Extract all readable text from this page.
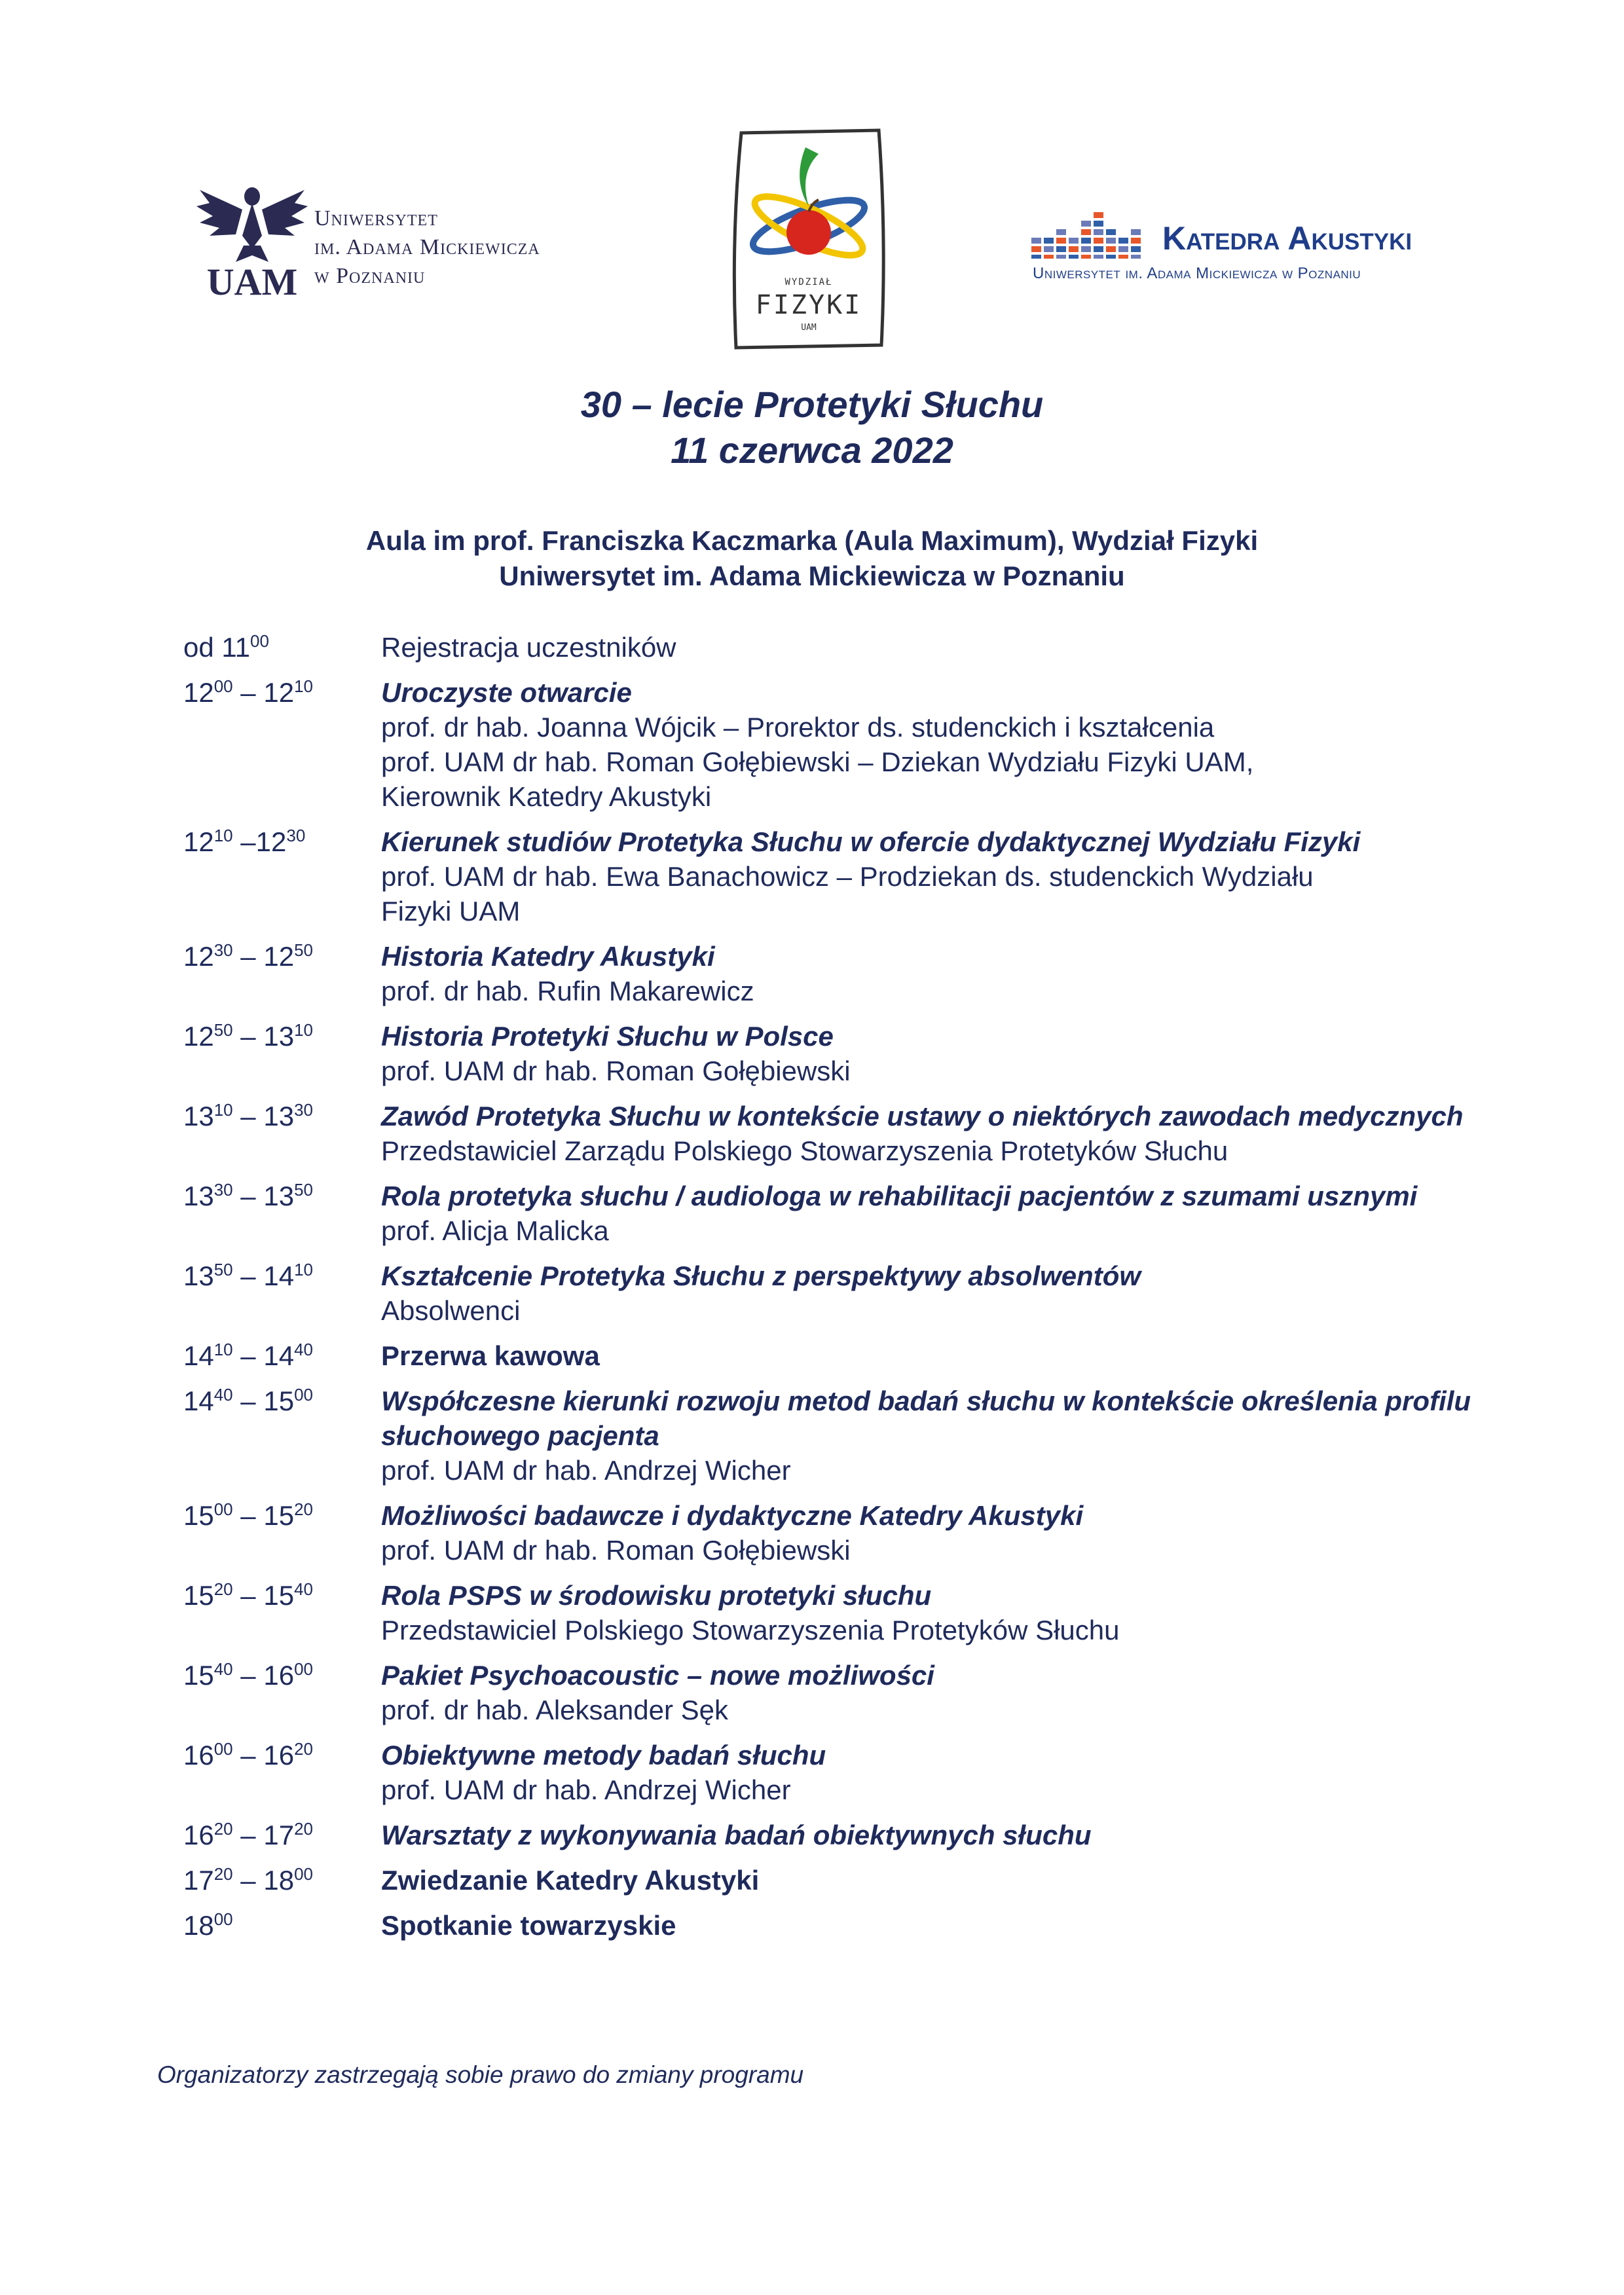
UAM
Uniwersytet
im. Adama Mickiewicza
w Poznaniu	WYDZIAŁ
FIZYKI
UAM
Katedra Akustyki
Uniwersytet im. Adama Mickiewicza w Poznaniu
30 – lecie Protetyki Słuchu
11 czerwca 2022
Aula im prof. Franciszka Kaczmarka (Aula Maximum), Wydział Fizyki
Uniwersytet im. Adama Mickiewicza w Poznaniu
od $11^{00}$	Rejestracja uczestników
$12^{00} - 12^{10}$	Uroczyste otwarcie
prof. dr hab. Joanna Wójcik – Prorektor ds. studenckich i kształcenia
prof. UAM dr hab. Roman Gołębiewski – Dziekan Wydziału Fizyki UAM,
Kierownik Katedry Akustyki
$12^{10}$ $-12^{30}$	Kierunek studiów Protetyka Słuchu w ofercie dydaktycznej Wydziału Fizyki
prof. UAM dr hab. Ewa Banachowicz – Prodziekan ds. studenckich Wydziału
Fizyki UAM
$12^{30} - 12^{50}$	Historia Katedry Akustyki
prof. dr hab. Rufin Makarewicz
$12^{50} - 13^{10}$	Historia Protetyki Słuchu w Polsce
prof. UAM dr hab. Roman Gołębiewski
$13^{10} - 13^{30}$	Zawód Protetyka Słuchu w kontekście ustawy o niektórych zawodach medycznych
Przedstawiciel Zarządu Polskiego Stowarzyszenia Protetyków Słuchu
$13^{30} - 13^{50}$	Rola protetyka słuchu / audiologa w rehabilitacji pacjentów z szumami usznymi
prof. Alicja Malicka
$13^{50} - 14^{10}$	Kształcenie Protetyka Słuchu z perspektywy absolwentów
Absolwenci
$14^{10} - 14^{40}$	Przerwa kawowa
$14^{40} - 15^{00}$	Współczesne kierunki rozwoju metod badań słuchu w kontekście określenia profilu słuchowego pacjenta
prof. UAM dr hab. Andrzej Wicher
$15^{00} - 15^{20}$	Możliwości badawcze i dydaktyczne Katedry Akustyki
prof. UAM dr hab. Roman Gołębiewski
$15^{20} - 15^{40}$	Rola PSPS w środowisku protetyki słuchu
Przedstawiciel Polskiego Stowarzyszenia Protetyków Słuchu
$15^{40} - 16^{00}$	Pakiet Psychoacoustic – nowe możliwości
prof. dr hab. Aleksander Sęk
$16^{00} - 16^{20}$	Obiektywne metody badań słuchu
prof. UAM dr hab. Andrzej Wicher
$16^{20} - 17^{20}$	Warsztaty z wykonywania badań obiektywnych słuchu
$17^{20} - 18^{00}$	Zwiedzanie Katedry Akustyki
$18^{00}$	Spotkanie towarzyskie
Organizatorzy zastrzegają sobie prawo do zmiany programu
